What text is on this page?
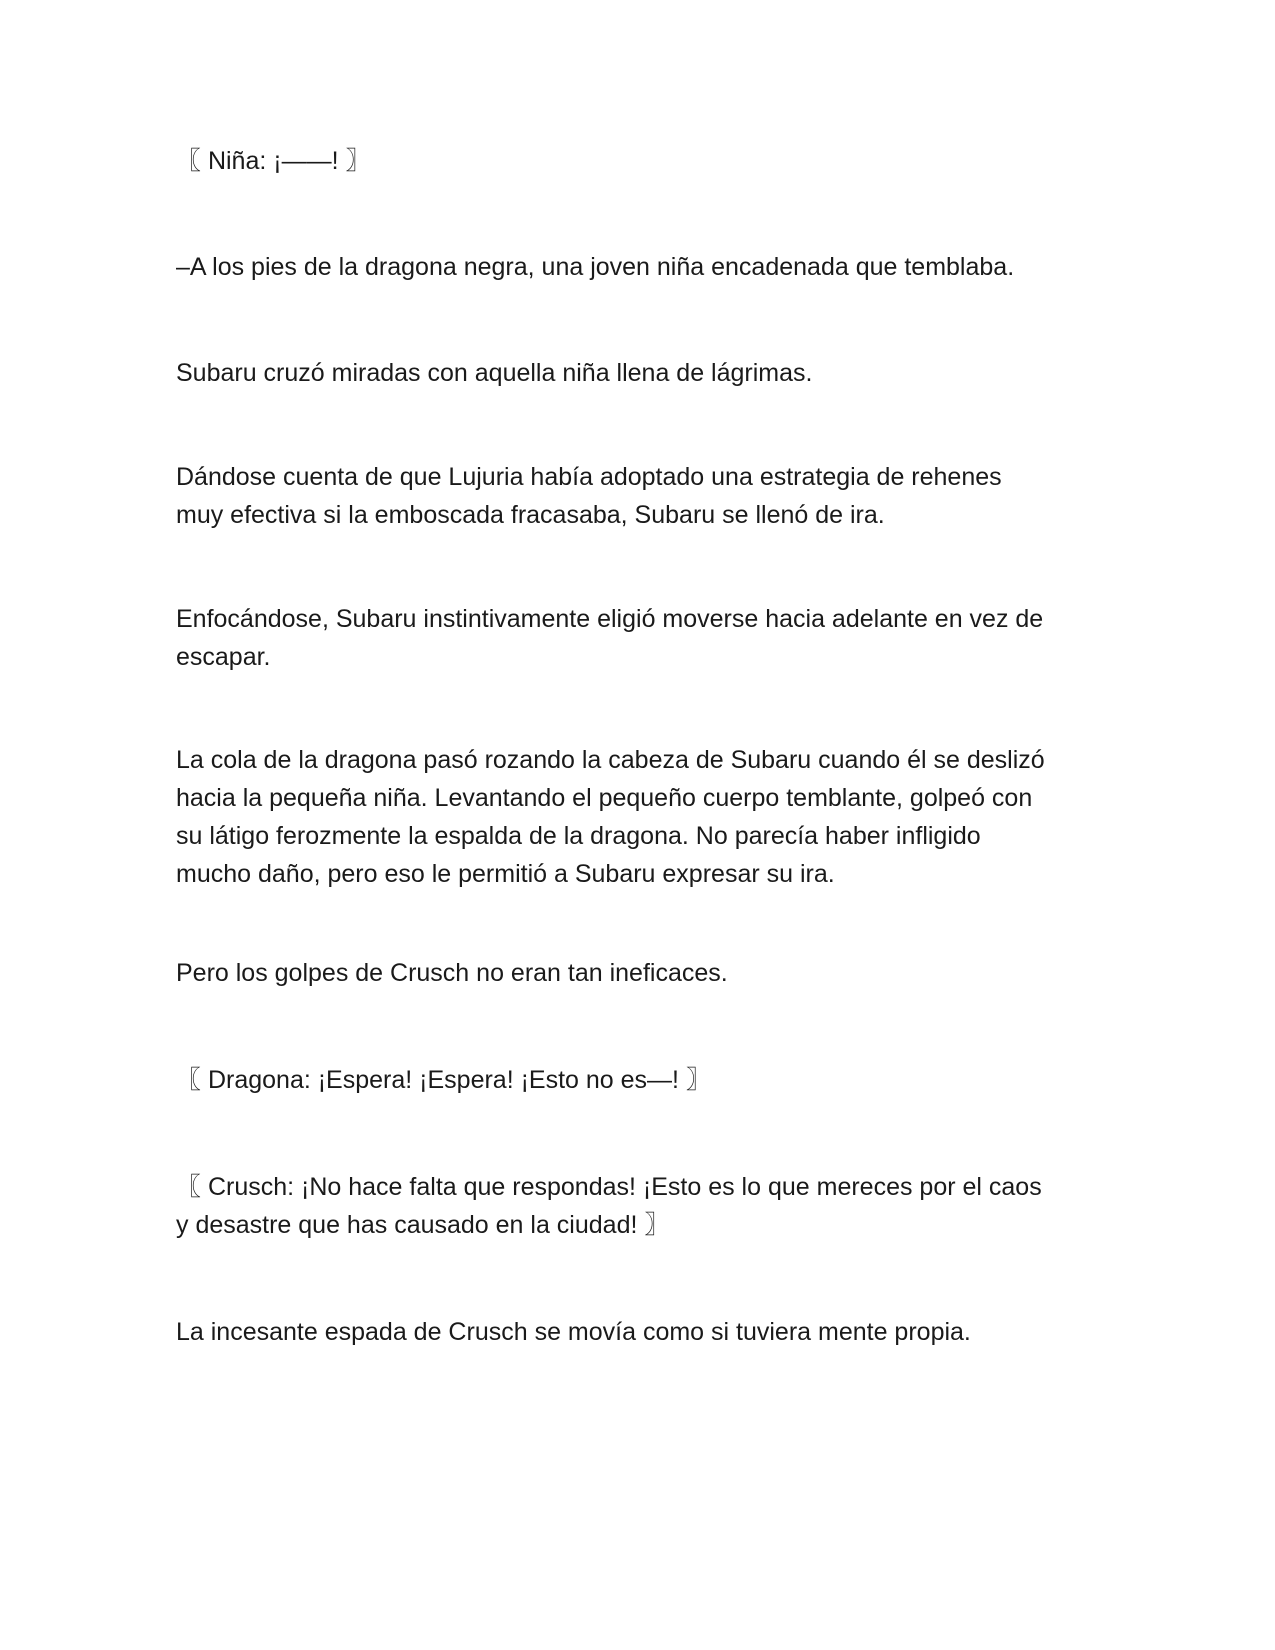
〖 Niña: ¡——! 〗

–A los pies de la dragona negra, una joven niña encadenada que temblaba.

Subaru cruzó miradas con aquella niña llena de lágrimas.

Dándose cuenta de que Lujuria había adoptado una estrategia de rehenes
muy efectiva si la emboscada fracasaba, Subaru se llenó de ira.

Enfocándose, Subaru instintivamente eligió moverse hacia adelante en vez de
escapar.

La cola de la dragona pasó rozando la cabeza de Subaru cuando él se deslizó
hacia la pequeña niña. Levantando el pequeño cuerpo temblante, golpeó con
su látigo ferozmente la espalda de la dragona. No parecía haber infligido
mucho daño, pero eso le permitió a Subaru expresar su ira.

Pero los golpes de Crusch no eran tan ineficaces.

〖 Dragona: ¡Espera! ¡Espera! ¡Esto no es—! 〗

〖 Crusch: ¡No hace falta que respondas! ¡Esto es lo que mereces por el caos
y desastre que has causado en la ciudad! 〗

La incesante espada de Crusch se movía como si tuviera mente propia.
